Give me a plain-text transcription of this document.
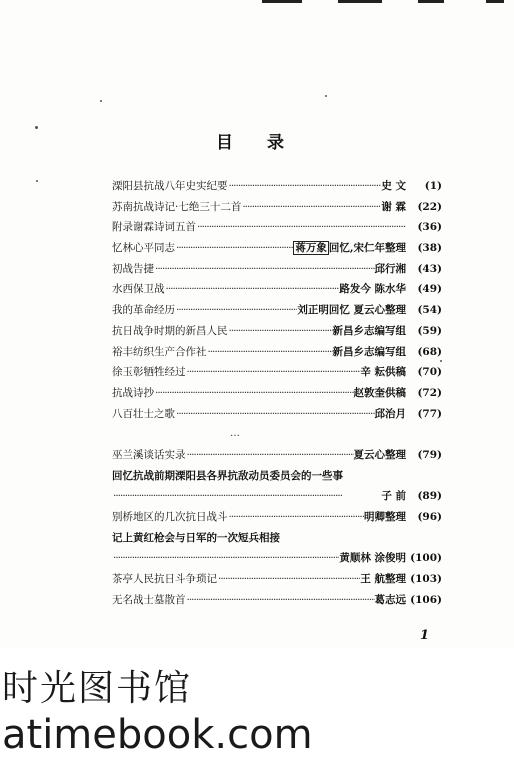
目 录
溧阳县抗战八年史实纪要 ·····	史 文	(1)
苏南抗战诗记·七绝三十二首 ·····	谢 霖	(22)
附录谢霖诗词五首 ·····	(36)
忆林心平同志 ·····	蒋万象 回忆,宋仁年整理	(38)
初战告捷 ·····	邱行湘	(43)
水西保卫战 ·····	路发今 陈水华	(49)
我的革命经历 ·····	刘正明回忆 夏云心整理	(54)
抗日战争时期的新昌人民 ·····	新昌乡志编写组	(59)
裕丰纺织生产合作社 ·····	新昌乡志编写组	(68)
徐玉彰牺牲经过 ·····	辛 耘供稿	(70)
抗战诗抄 ·····	赵敦奎供稿	(72)
八百壮士之歌 ·····	邱治月	(77)
…
巫兰溪谈话实录 ·····	夏云心整理	(79)
回忆抗战前期溧阳县各界抗敌动员委员会的一些事
·····
子 前	(89)
别桥地区的几次抗日战斗 ·····	明卿整理	(96)
记上黄红枪会与日军的一次短兵相接
·····
黄顺林 涂俊明 (100)
茶亭人民抗日斗争琐记 ·····	王 航整理 (103)
无名战士墓散首 ·····	葛志远 (106)
1
时光图书馆
atimebook.com
